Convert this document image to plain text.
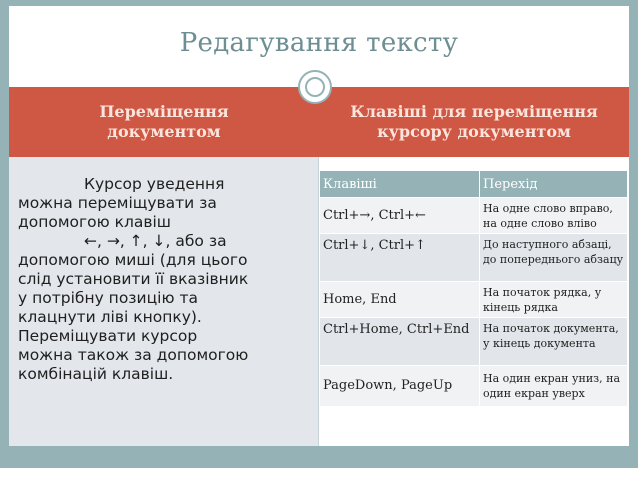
Редагування тексту
Переміщення
документом
Клавіші для переміщення
курсору документом

Курсор уведення

можна переміщувати за

допомогою клавіш

←, →, ↑, ↓, або за

допомогою миші (для цього

слід установити її вказівник

у потрібну позицію та

клацнути ліві кнопку).

Переміщувати курсор

можна також за допомогою

комбінацій клавіш.

Клавіші	Перехід
Ctrl+→, Ctrl+←	На одне слово вправо, на одне слово вліво
Ctrl+↓, Ctrl+↑	До наступного абзаці, до попереднього абзацу
Home, End	На початок рядка, у кінець рядка
Ctrl+Home, Ctrl+End	На початок документа, у кінець документа
PageDown, PageUp	На один екран униз, на один екран уверх
